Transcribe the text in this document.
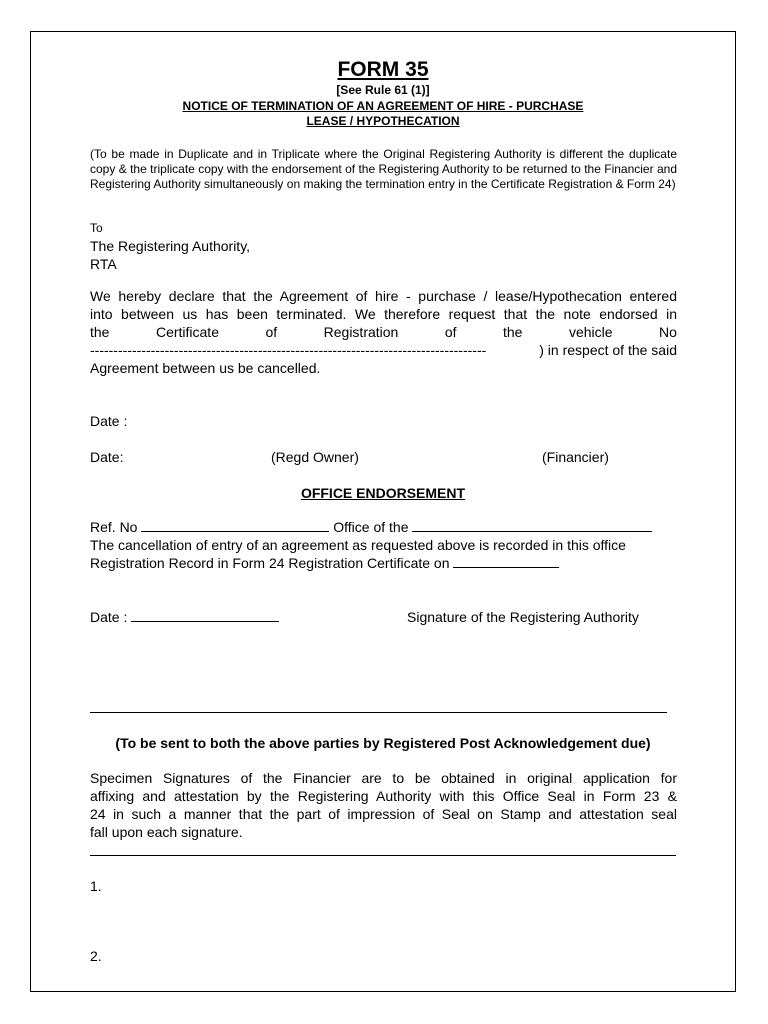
FORM 35

[See Rule 61 (1)]

NOTICE OF TERMINATION OF AN AGREEMENT OF HIRE - PURCHASE

LEASE / HYPOTHECATION

(To be made in Duplicate and in Triplicate where the Original Registering Authority is different the duplicate copy & the triplicate copy with the endorsement of the Registering Authority to be returned to the Financier and Registering Authority simultaneously on making the termination entry in the Certificate Registration & Form 24)

To

The Registering Authority,

RTA

We hereby declare that the Agreement of hire - purchase / lease/Hypothecation entered
into between us has been terminated. We therefore request that the note endorsed in
the	Certificate	of	Registration	of	the	vehicle	No
-------------------------------------------------------------------------------------	) in respect of the said
Agreement between us be cancelled.

Date :

Date:	(Regd Owner)	(Financier)

OFFICE ENDORSEMENT

Ref. No	Office of the

The cancellation of entry of an agreement as requested above is recorded in this office

Registration Record in Form 24 Registration Certificate on
Date :	Signature of the Registering Authority

(To be sent to both the above parties by Registered Post Acknowledgement due)

Specimen Signatures of the Financier are to be obtained in original application for
affixing and attestation by the Registering Authority with this Office Seal in Form 23 &
24 in such a manner that the part of impression of Seal on Stamp and attestation seal
fall upon each signature.

1.

2.
